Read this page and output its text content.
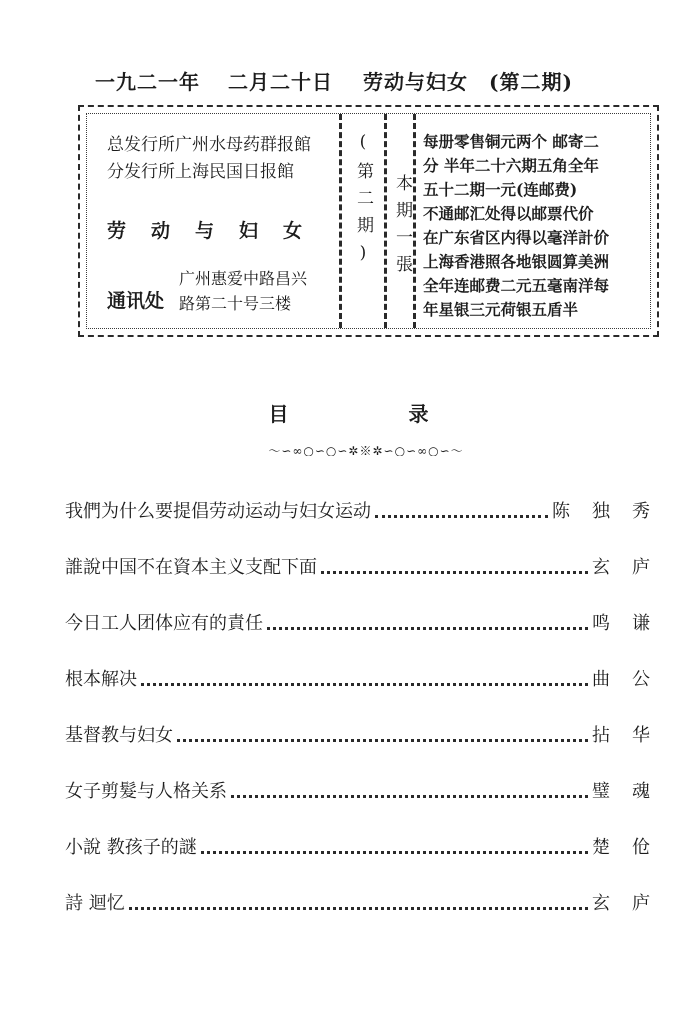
一九二一年 二月二十日 劳动与妇女 (第二期)
总发行所广州水母药群报館
分发行所上海民国日报館
劳 动 与 妇 女
通讯处
广州惠爱中路昌兴
路第二十号三楼
(第二期) 本期一張
每册零售铜元两个 邮寄二
分 半年二十六期五角全年
五十二期一元(连邮费)
不通邮汇处得以邮票代价
在广东省区内得以毫洋計价
上海香港照各地银圆算美洲
全年连邮费二元五毫南洋每
年星银三元荷银五盾半
目录
〜∽∞○∽○∽✲※✲∽○∽∞○∽〜
我們为什么要提倡劳动运动与妇女运动	陈独秀
誰說中国不在資本主义支配下面	玄庐
今日工人团体应有的責任	鸣谦
根本解决	曲公
基督教与妇女	拈华
女子剪髮与人格关系	璧魂
小說 教孩子的謎	楚伧
詩 迴忆	玄庐
